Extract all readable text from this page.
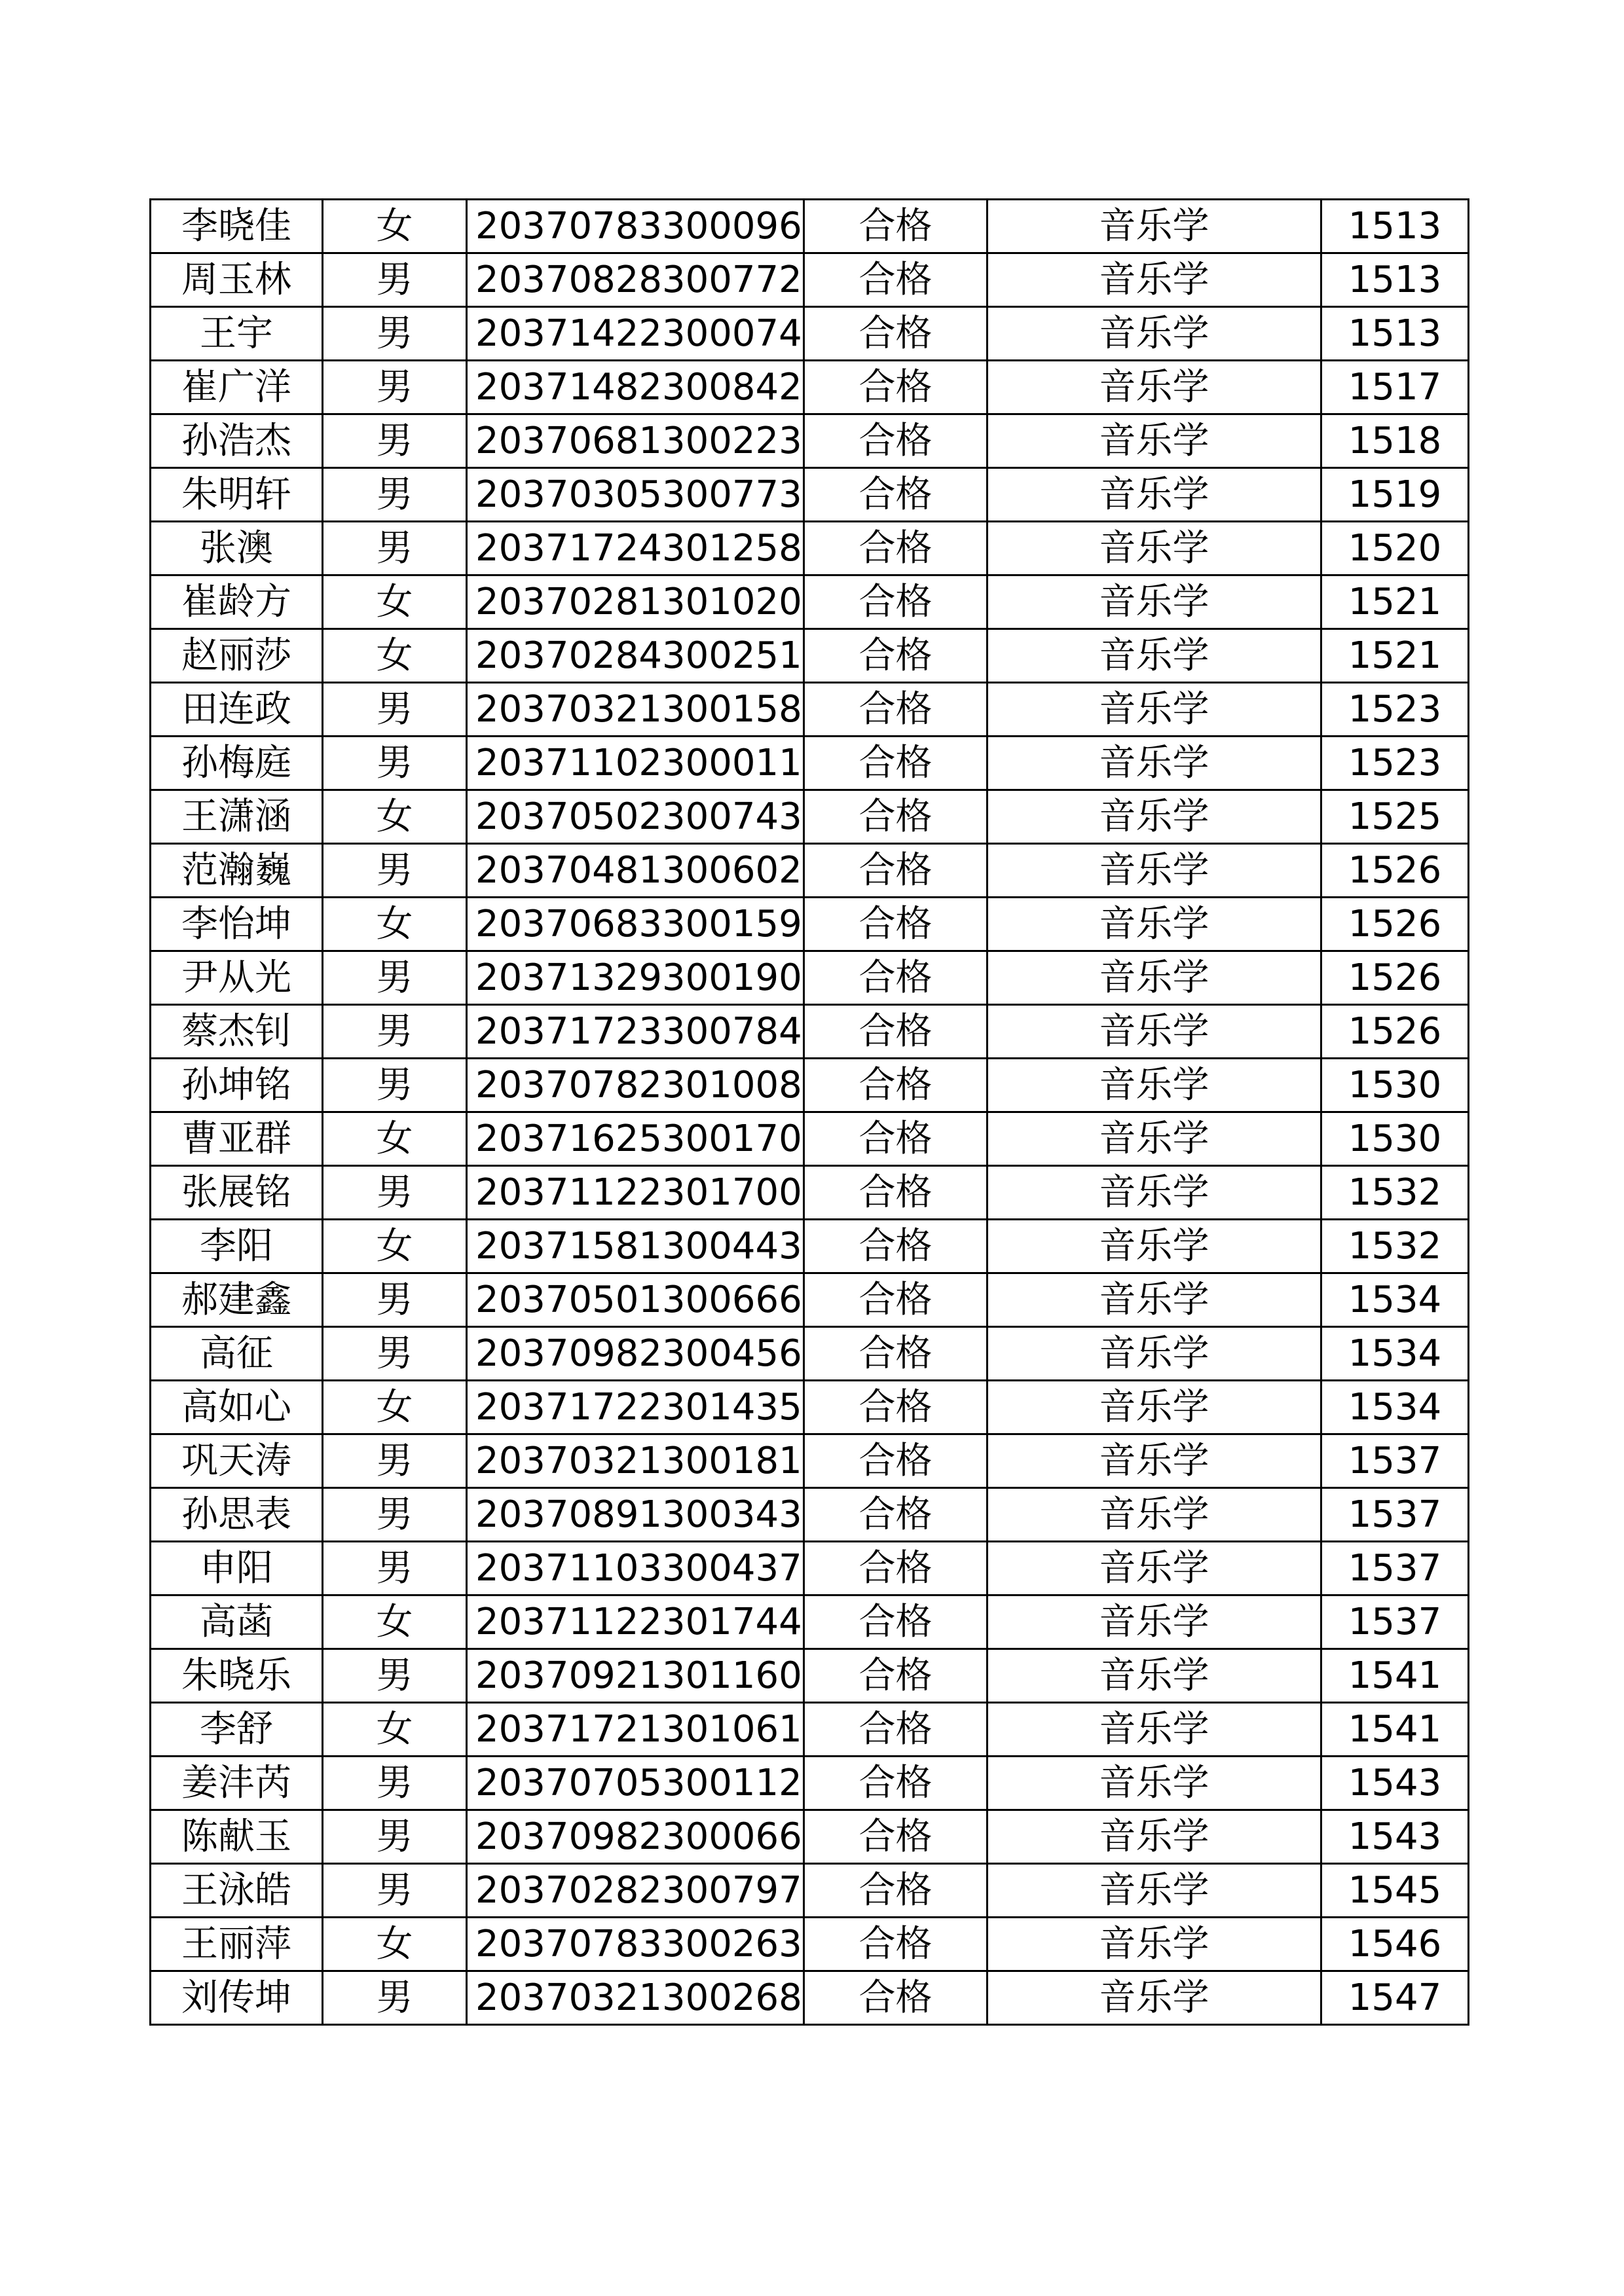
李晓佳	女	20370783300096	合格	音乐学	1513
周玉林	男	20370828300772	合格	音乐学	1513
王宇	男	20371422300074	合格	音乐学	1513
崔广洋	男	20371482300842	合格	音乐学	1517
孙浩杰	男	20370681300223	合格	音乐学	1518
朱明轩	男	20370305300773	合格	音乐学	1519
张澳	男	20371724301258	合格	音乐学	1520
崔龄方	女	20370281301020	合格	音乐学	1521
赵丽莎	女	20370284300251	合格	音乐学	1521
田连政	男	20370321300158	合格	音乐学	1523
孙梅庭	男	20371102300011	合格	音乐学	1523
王潇涵	女	20370502300743	合格	音乐学	1525
范瀚巍	男	20370481300602	合格	音乐学	1526
李怡坤	女	20370683300159	合格	音乐学	1526
尹从光	男	20371329300190	合格	音乐学	1526
蔡杰钊	男	20371723300784	合格	音乐学	1526
孙坤铭	男	20370782301008	合格	音乐学	1530
曹亚群	女	20371625300170	合格	音乐学	1530
张展铭	男	20371122301700	合格	音乐学	1532
李阳	女	20371581300443	合格	音乐学	1532
郝建鑫	男	20370501300666	合格	音乐学	1534
高征	男	20370982300456	合格	音乐学	1534
高如心	女	20371722301435	合格	音乐学	1534
巩天涛	男	20370321300181	合格	音乐学	1537
孙思表	男	20370891300343	合格	音乐学	1537
申阳	男	20371103300437	合格	音乐学	1537
高菡	女	20371122301744	合格	音乐学	1537
朱晓乐	男	20370921301160	合格	音乐学	1541
李舒	女	20371721301061	合格	音乐学	1541
姜沣芮	男	20370705300112	合格	音乐学	1543
陈献玉	男	20370982300066	合格	音乐学	1543
王泳皓	男	20370282300797	合格	音乐学	1545
王丽萍	女	20370783300263	合格	音乐学	1546
刘传坤	男	20370321300268	合格	音乐学	1547
